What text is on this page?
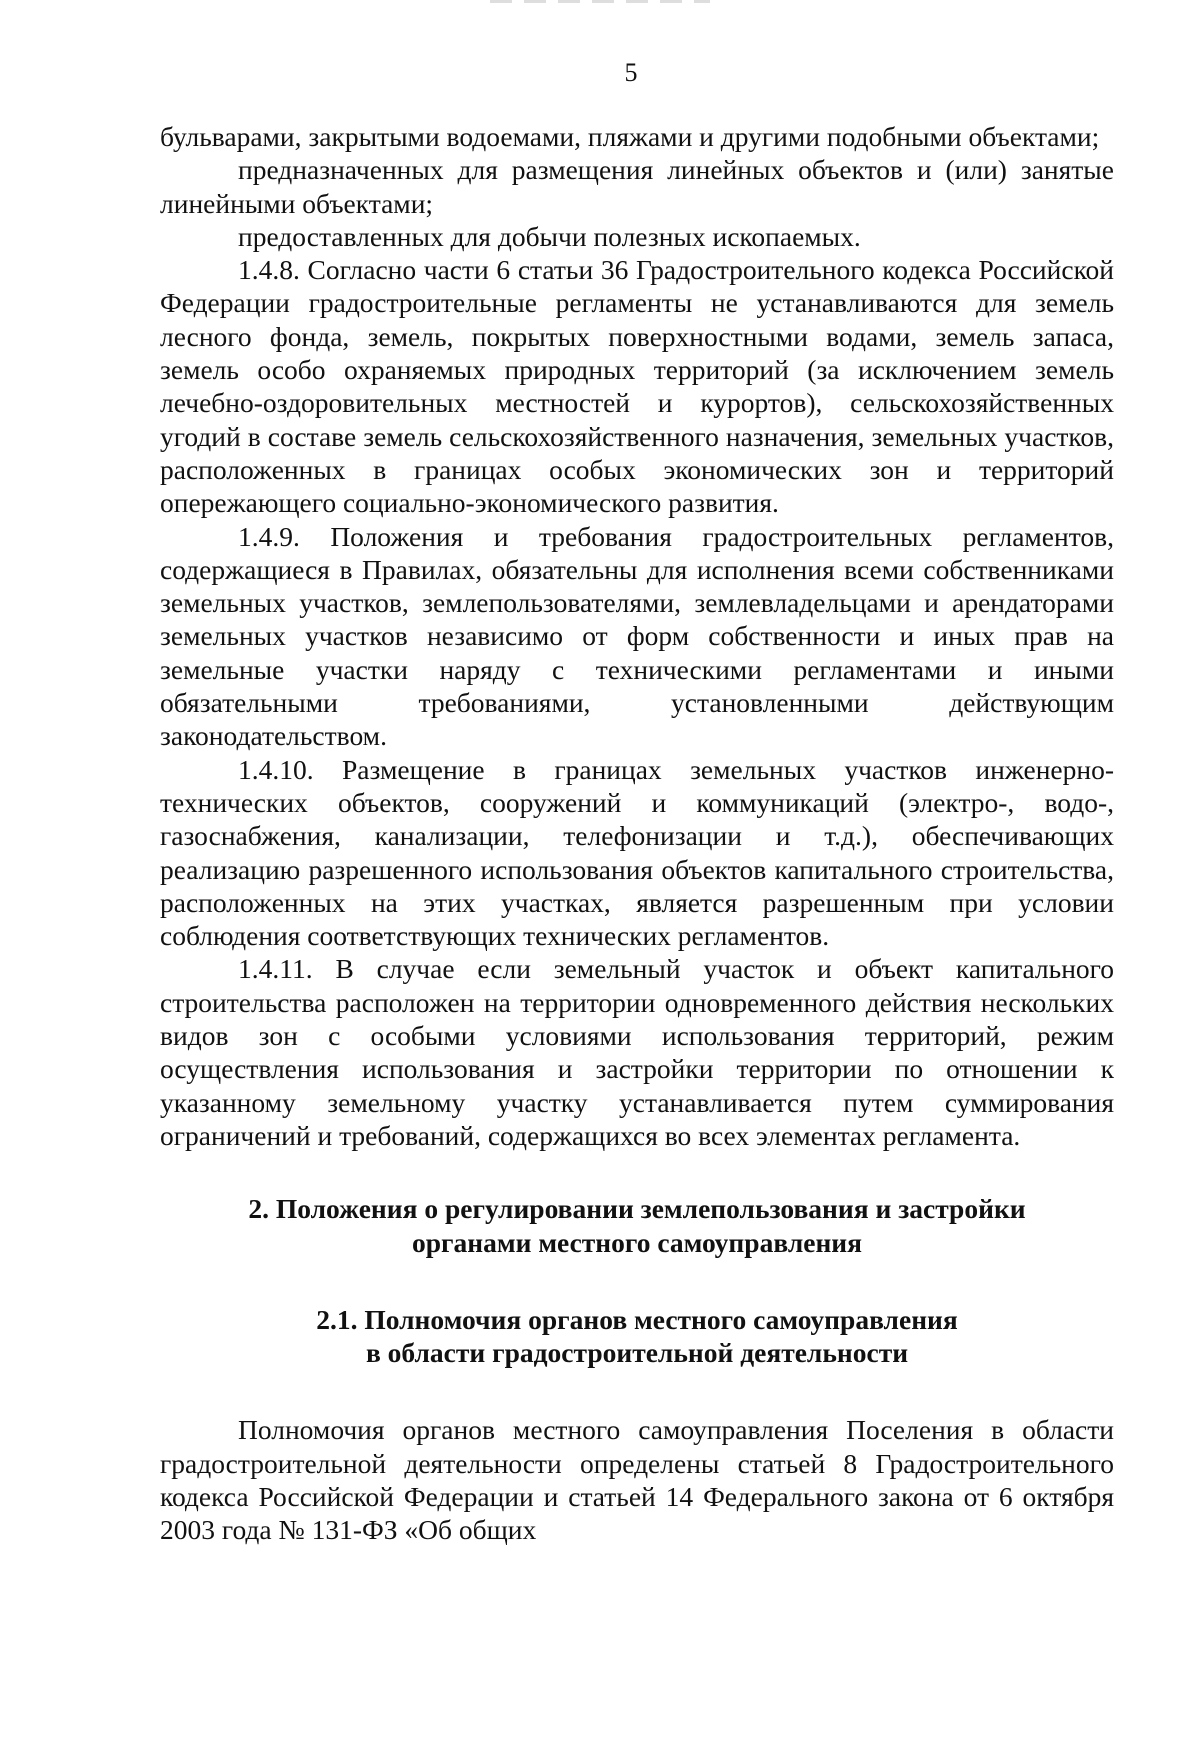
5

бульварами, закрытыми водоемами, пляжами и другими подобными объектами;

предназначенных для размещения линейных объектов и (или) занятые линейными объектами;

предоставленных для добычи полезных ископаемых.

1.4.8. Согласно части 6 статьи 36 Градостроительного кодекса Российской Федерации градостроительные регламенты не устанавливаются для земель лесного фонда, земель, покрытых поверхностными водами, земель запаса, земель особо охраняемых природных территорий (за исключением земель лечебно-оздоровительных местностей и курортов), сельскохозяйственных угодий в составе земель сельскохозяйственного назначения, земельных участков, расположенных в границах особых экономических зон и территорий опережающего социально-экономического развития.

1.4.9. Положения и требования градостроительных регламентов, содержащиеся в Правилах, обязательны для исполнения всеми собственниками земельных участков, землепользователями, землевладельцами и арендаторами земельных участков независимо от форм собственности и иных прав на земельные участки наряду с техническими регламентами и иными обязательными требованиями, установленными действующим законодательством.

1.4.10. Размещение в границах земельных участков инженерно-технических объектов, сооружений и коммуникаций (электро-, водо-, газоснабжения, канализации, телефонизации и т.д.), обеспечивающих реализацию разрешенного использования объектов капитального строительства, расположенных на этих участках, является разрешенным при условии соблюдения соответствующих технических регламентов.

1.4.11. В случае если земельный участок и объект капитального строительства расположен на территории одновременного действия нескольких видов зон с особыми условиями использования территорий, режим осуществления использования и застройки территории по отношении к указанному земельному участку устанавливается путем суммирования ограничений и требований, содержащихся во всех элементах регламента.

2. Положения о регулировании землепользования и застройки
органами местного самоуправления
2.1. Полномочия органов местного самоуправления
в области градостроительной деятельности

Полномочия органов местного самоуправления Поселения в области градостроительной деятельности определены статьей 8 Градостроительного кодекса Российской Федерации и статьей 14 Федерального закона от 6 октября 2003 года № 131-ФЗ «Об общих
